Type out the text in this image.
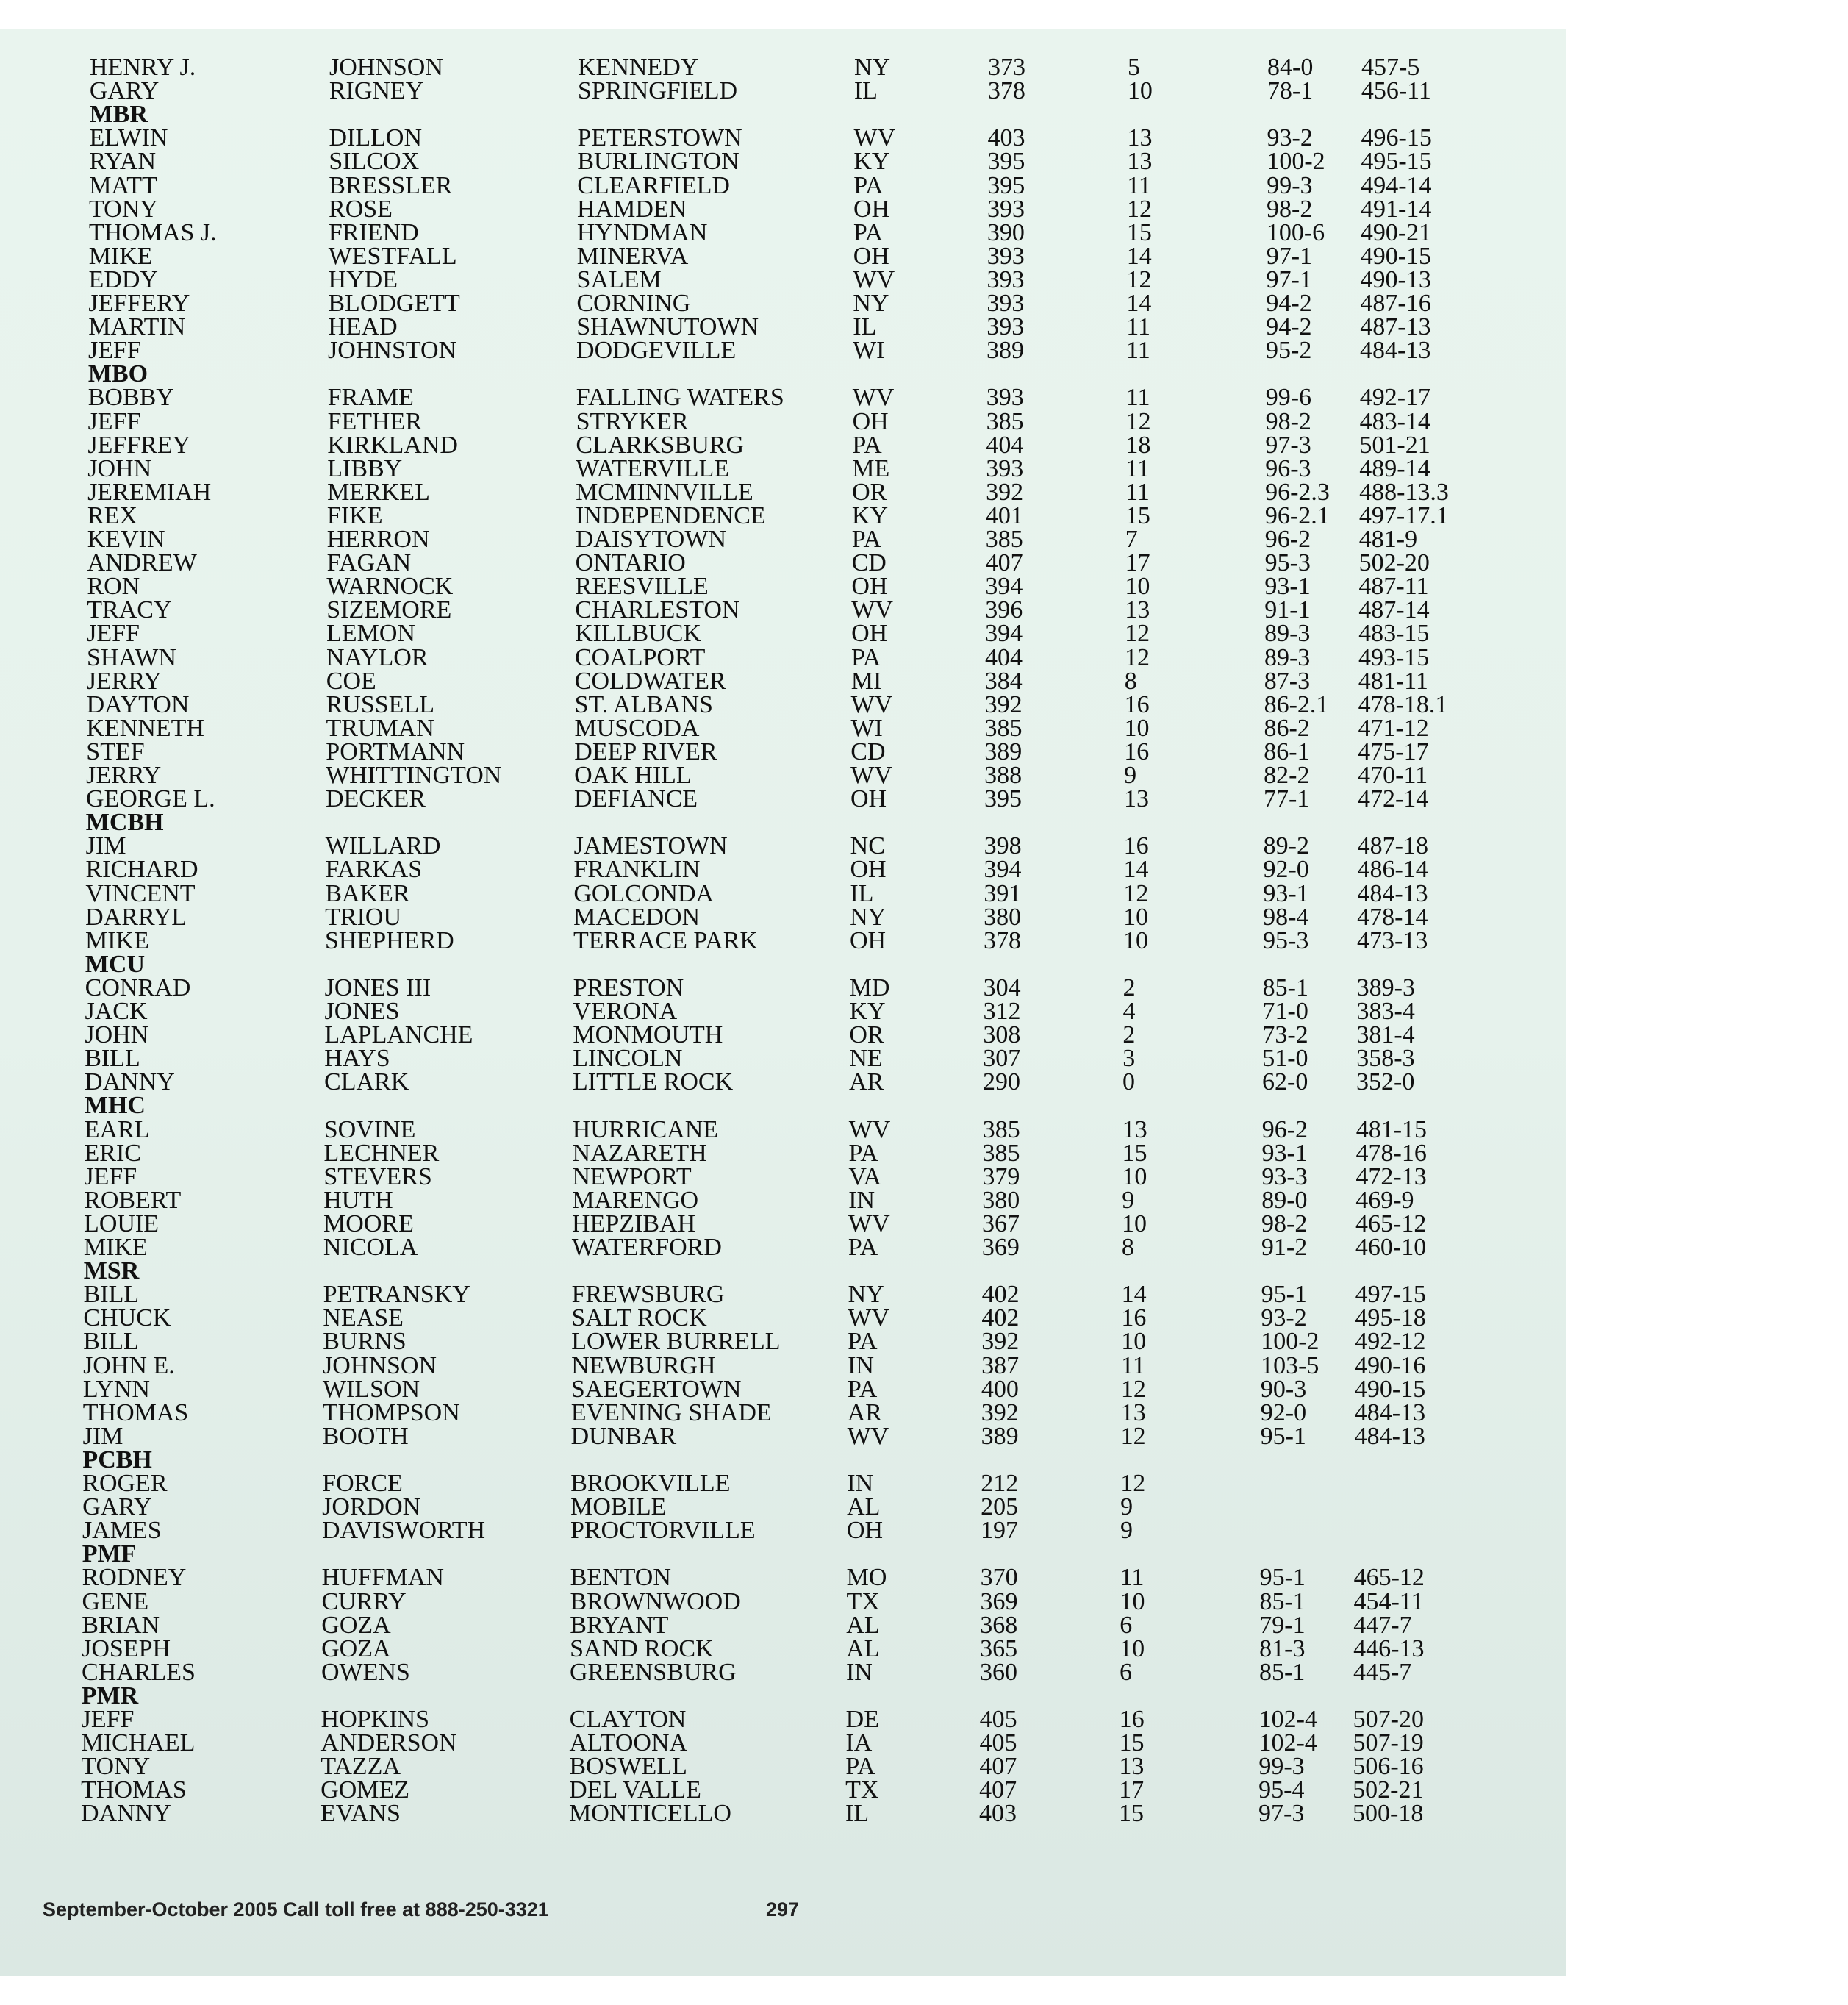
HENRY J.	JOHNSON	KENNEDY	NY	373	5	84-0 457-5
GARY	RIGNEY	SPRINGFIELD	IL	378	10	78-1 456-11
MBR
ELWIN	DILLON	PETERSTOWN	WV	403	13	93-2 496-15
RYAN	SILCOX	BURLINGTON	KY	395	13	100-2 495-15
MATT	BRESSLER	CLEARFIELD	PA	395	11	99-3 494-14
TONY	ROSE	HAMDEN	OH	393	12	98-2 491-14
THOMAS J.	FRIEND	HYNDMAN	PA	390	15	100-6 490-21
MIKE	WESTFALL	MINERVA	OH	393	14	97-1 490-15
EDDY	HYDE	SALEM	WV	393	12	97-1 490-13
JEFFERY	BLODGETT	CORNING	NY	393	14	94-2 487-16
MARTIN	HEAD	SHAWNUTOWN	IL	393	11	94-2 487-13
JEFF	JOHNSTON	DODGEVILLE	WI	389	11	95-2 484-13
MBO
BOBBY	FRAME	FALLING WATERS	WV	393	11	99-6 492-17
JEFF	FETHER	STRYKER	OH	385	12	98-2 483-14
JEFFREY	KIRKLAND	CLARKSBURG	PA	404	18	97-3 501-21
JOHN	LIBBY	WATERVILLE	ME	393	11	96-3 489-14
JEREMIAH	MERKEL	MCMINNVILLE	OR	392	11	96-2.3 488-13.3
REX	FIKE	INDEPENDENCE	KY	401	15	96-2.1 497-17.1
KEVIN	HERRON	DAISYTOWN	PA	385	7	96-2 481-9
ANDREW	FAGAN	ONTARIO	CD	407	17	95-3 502-20
RON	WARNOCK	REESVILLE	OH	394	10	93-1 487-11
TRACY	SIZEMORE	CHARLESTON	WV	396	13	91-1 487-14
JEFF	LEMON	KILLBUCK	OH	394	12	89-3 483-15
SHAWN	NAYLOR	COALPORT	PA	404	12	89-3 493-15
JERRY	COE	COLDWATER	MI	384	8	87-3 481-11
DAYTON	RUSSELL	ST. ALBANS	WV	392	16	86-2.1 478-18.1
KENNETH	TRUMAN	MUSCODA	WI	385	10	86-2 471-12
STEF	PORTMANN	DEEP RIVER	CD	389	16	86-1 475-17
JERRY	WHITTINGTON	OAK HILL	WV	388	9	82-2 470-11
GEORGE L.	DECKER	DEFIANCE	OH	395	13	77-1 472-14
MCBH
JIM	WILLARD	JAMESTOWN	NC	398	16	89-2 487-18
RICHARD	FARKAS	FRANKLIN	OH	394	14	92-0 486-14
VINCENT	BAKER	GOLCONDA	IL	391	12	93-1 484-13
DARRYL	TRIOU	MACEDON	NY	380	10	98-4 478-14
MIKE	SHEPHERD	TERRACE PARK	OH	378	10	95-3 473-13
MCU
CONRAD	JONES III	PRESTON	MD	304	2	85-1 389-3
JACK	JONES	VERONA	KY	312	4	71-0 383-4
JOHN	LAPLANCHE	MONMOUTH	OR	308	2	73-2 381-4
BILL	HAYS	LINCOLN	NE	307	3	51-0 358-3
DANNY	CLARK	LITTLE ROCK	AR	290	0	62-0 352-0
MHC
EARL	SOVINE	HURRICANE	WV	385	13	96-2 481-15
ERIC	LECHNER	NAZARETH	PA	385	15	93-1 478-16
JEFF	STEVERS	NEWPORT	VA	379	10	93-3 472-13
ROBERT	HUTH	MARENGO	IN	380	9	89-0 469-9
LOUIE	MOORE	HEPZIBAH	WV	367	10	98-2 465-12
MIKE	NICOLA	WATERFORD	PA	369	8	91-2 460-10
MSR
BILL	PETRANSKY	FREWSBURG	NY	402	14	95-1 497-15
CHUCK	NEASE	SALT ROCK	WV	402	16	93-2 495-18
BILL	BURNS	LOWER BURRELL	PA	392	10	100-2 492-12
JOHN E.	JOHNSON	NEWBURGH	IN	387	11	103-5 490-16
LYNN	WILSON	SAEGERTOWN	PA	400	12	90-3 490-15
THOMAS	THOMPSON	EVENING SHADE	AR	392	13	92-0 484-13
JIM	BOOTH	DUNBAR	WV	389	12	95-1 484-13
PCBH
ROGER	FORCE	BROOKVILLE	IN	212	12
GARY	JORDON	MOBILE	AL	205	9
JAMES	DAVISWORTH	PROCTORVILLE	OH	197	9
PMF
RODNEY	HUFFMAN	BENTON	MO	370	11	95-1 465-12
GENE	CURRY	BROWNWOOD	TX	369	10	85-1 454-11
BRIAN	GOZA	BRYANT	AL	368	6	79-1 447-7
JOSEPH	GOZA	SAND ROCK	AL	365	10	81-3 446-13
CHARLES	OWENS	GREENSBURG	IN	360	6	85-1 445-7
PMR
JEFF	HOPKINS	CLAYTON	DE	405	16	102-4 507-20
MICHAEL	ANDERSON	ALTOONA	IA	405	15	102-4 507-19
TONY	TAZZA	BOSWELL	PA	407	13	99-3 506-16
THOMAS	GOMEZ	DEL VALLE	TX	407	17	95-4 502-21
DANNY	EVANS	MONTICELLO	IL	403	15	97-3 500-18
September-October 2005 Call toll free at 888-250-3321	297
